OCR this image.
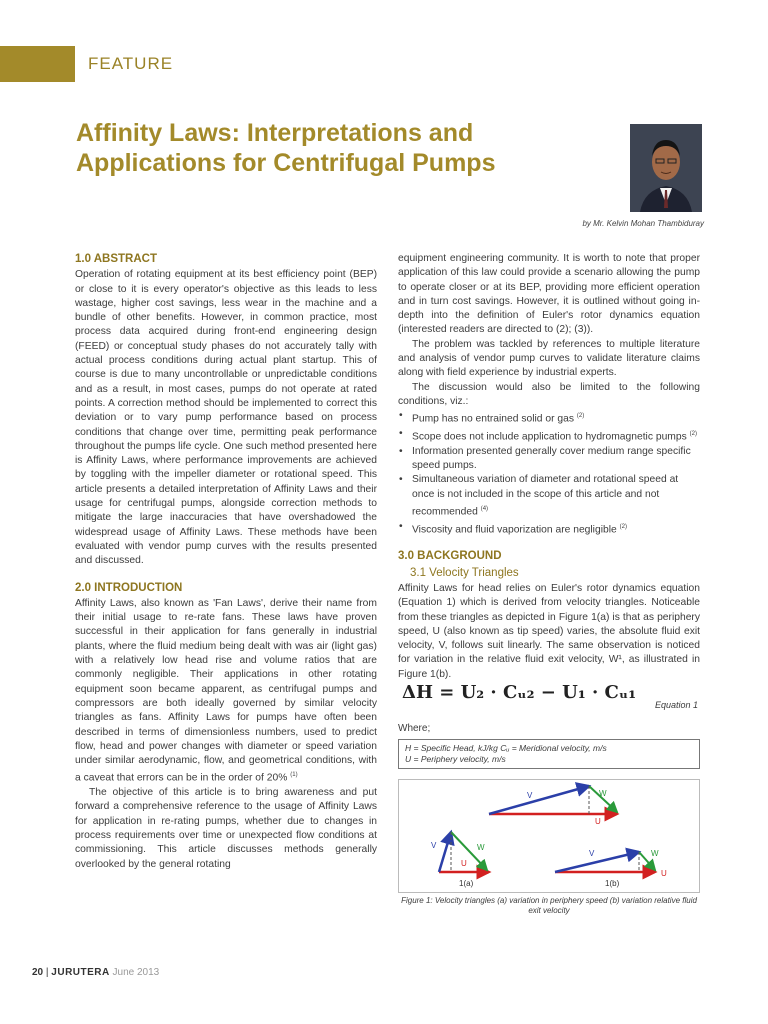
FEATURE
Affinity Laws: Interpretations and Applications for Centrifugal Pumps
by Mr. Kelvin Mohan Thambiduray
1.0 ABSTRACT

Operation of rotating equipment at its best efficiency point (BEP) or close to it is every operator's objective as this leads to less wastage, higher cost savings, less wear in the machine and a bundle of other benefits. However, in common practice, most process data acquired during front-end engineering design (FEED) or conceptual study phases do not accurately tally with actual process conditions during actual plant startup. This of course is due to many uncontrollable or unpredictable conditions and as a result, in most cases, pumps do not operate at rated points. A correction method should be implemented to correct this deviation or to vary pump performance based on process conditions that change over time, permitting peak performance throughout the pumps life cycle. One such method presented here is Affinity Laws, where performance improvements are achieved by toggling with the impeller diameter or rotational speed. This article presents a detailed interpretation of Affinity Laws and their usage for centrifugal pumps, alongside correction methods to mitigate the large inaccuracies that have overshadowed the widespread usage of Affinity Laws. These methods have been evaluated with vendor pump curves with the results presented and discussed.

2.0 INTRODUCTION

Affinity Laws, also known as 'Fan Laws', derive their name from their initial usage to re-rate fans. These laws have proven successful in their application for fans generally in industrial plants, where the fluid medium being dealt with was air (light gas) with a relatively low head rise and volume ratios that are commonly negligible. Their applications in other rotating equipment soon became apparent, as centrifugal pumps and compressors are both ideally governed by similar velocity triangles as fans. Affinity Laws for pumps have often been described in terms of dimensionless numbers, used to predict flow, head and power changes with diameter or speed variation under similar aerodynamic, flow, and geometrical conditions, with a caveat that errors can be in the order of 20% $^{(1)}$

The objective of this article is to bring awareness and put forward a comprehensive reference to the usage of Affinity Laws for application in re-rating pumps, whether due to changes in process requirements over time or unexpected flow conditions at commissioning. This article discusses methods generally overlooked by the general rotating

equipment engineering community. It is worth to note that proper application of this law could provide a scenario allowing the pump to operate closer or at its BEP, providing more efficient operation and in turn cost savings. However, it is outlined without going in-depth into the definition of Euler's rotor dynamics equation (interested readers are directed to (2); (3)).

The problem was tackled by references to multiple literature and analysis of vendor pump curves to validate literature claims along with field experience by industrial experts.

The discussion would also be limited to the following conditions, viz.:

• Pump has no entrained solid or gas $^{(2)}$
• Scope does not include application to hydromagnetic pumps $^{(2)}$
• Information presented generally cover medium range specific speed pumps.
• Simultaneous variation of diameter and rotational speed at once is not included in the scope of this article and not recommended $^{(4)}$
• Viscosity and fluid vaporization are negligible $^{(2)}$
3.0 BACKGROUND
3.1 Velocity Triangles

Affinity Laws for head relies on Euler's rotor dynamics equation (Equation 1) which is derived from velocity triangles. Noticeable from these triangles as depicted in Figure 1(a) is that as periphery speed, U (also known as tip speed) varies, the absolute fluid exit velocity, V, follows suit linearly. The same observation is noticed for variation in the relative fluid exit velocity, W¹, as illustrated in Figure 1(b).

ΔH = U₂ · Cᵤ₂ − U₁ · Cᵤ₁
Equation 1
Where;
H = Specific Head, kJ/kg Cᵤ = Meridional velocity, m/s
U = Periphery velocity, m/s
V	W
U
V	W
U
1(a)
V	W
U
1(b)
Figure 1: Velocity triangles (a) variation in periphery speed (b) variation relative fluid exit velocity
20 | JURUTERA June 2013
